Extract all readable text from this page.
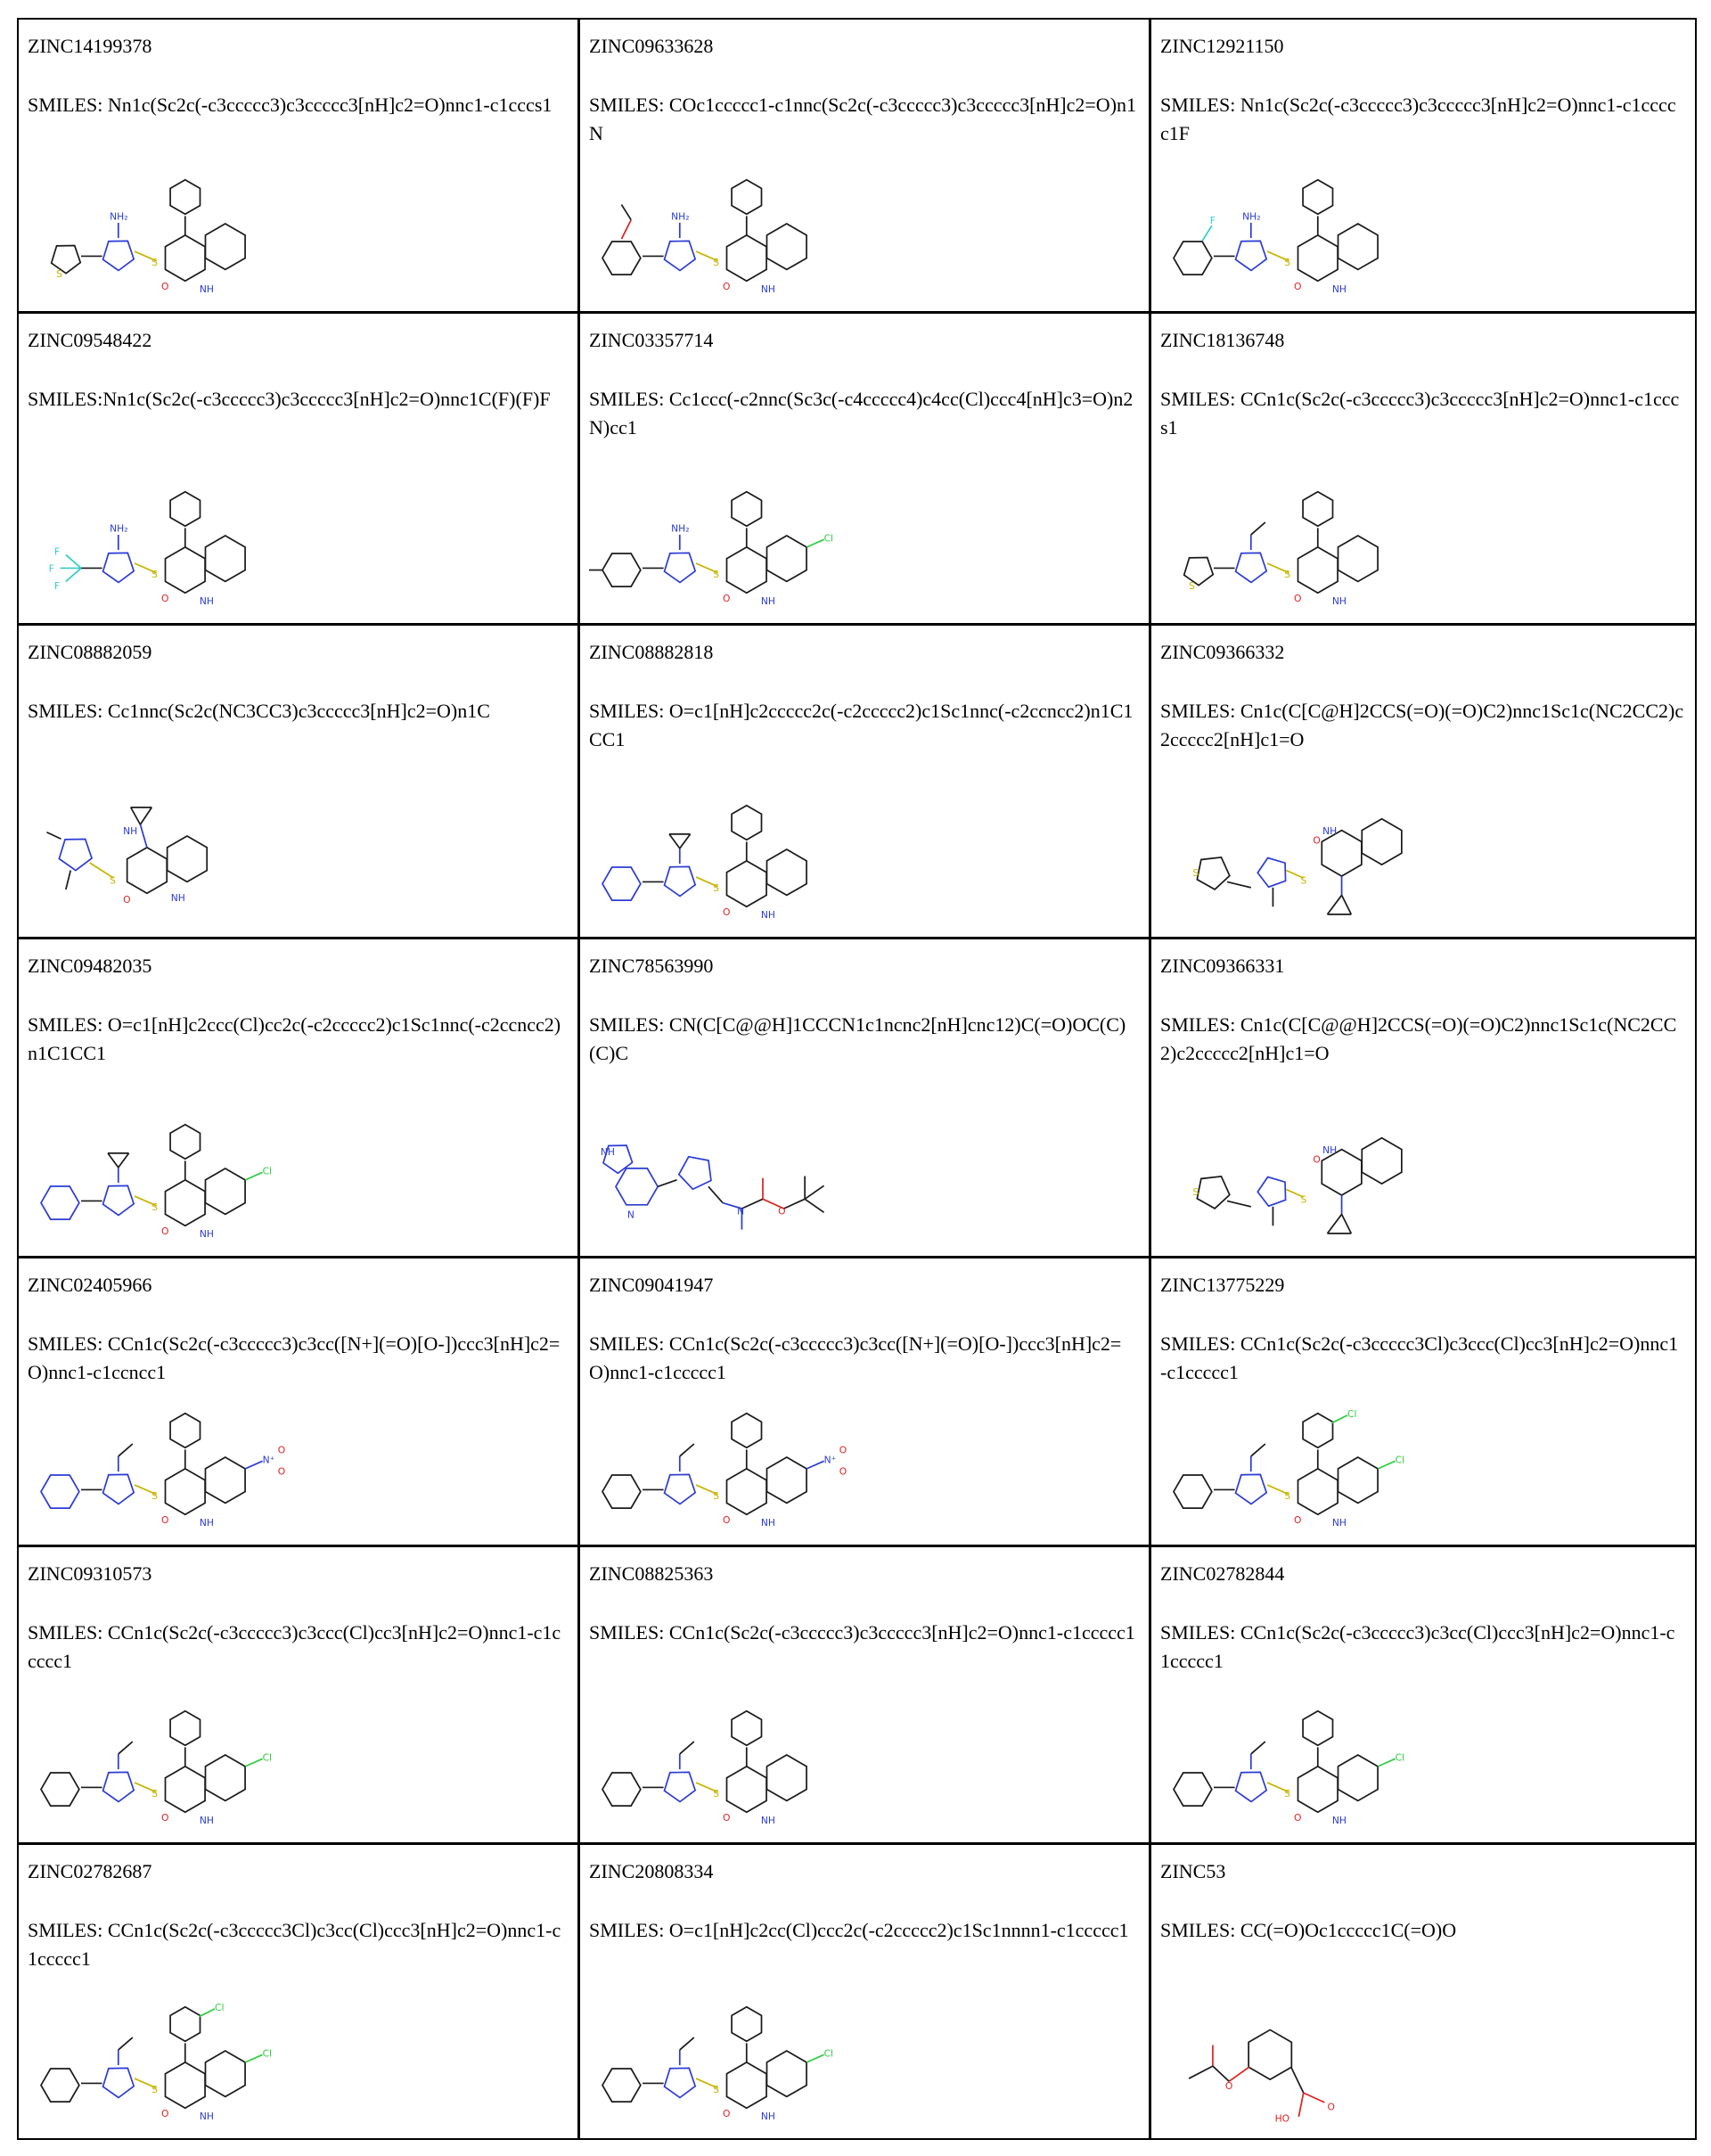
ZINC14199378
SMILES: Nn1c(Sc2c(-c3ccccc3)c3ccccc3[nH]c2=O)nnc1-c1cccs1
S
O	NH
S
NH₂
ZINC09633628
SMILES: COc1ccccc1-c1nnc(Sc2c(-c3ccccc3)c3ccccc3[nH]c2=O)n1N
S
O	NH
NH₂
ZINC12921150
SMILES: Nn1c(Sc2c(-c3ccccc3)c3ccccc3[nH]c2=O)nnc1-c1ccccc1F
S
O	NH
F	NH₂
ZINC09548422
SMILES:Nn1c(Sc2c(-c3ccccc3)c3ccccc3[nH]c2=O)nnc1C(F)(F)F
S
O	NH
F
F
F
NH₂
ZINC03357714
SMILES: Cc1ccc(-c2nnc(Sc3c(-c4ccccc4)c4cc(Cl)ccc4[nH]c3=O)n2N)cc1
S
O	NH
NH₂
Cl
ZINC18136748
SMILES: CCn1c(Sc2c(-c3ccccc3)c3ccccc3[nH]c2=O)nnc1-c1cccs1
S
O	NH
S
ZINC08882059
SMILES: Cc1nnc(Sc2c(NC3CC3)c3ccccc3[nH]c2=O)n1C
S
NH
O	NH
ZINC08882818
SMILES: O=c1[nH]c2ccccc2c(-c2ccccc2)c1Sc1nnc(-c2ccncc2)n1C1CC1
S
O	NH
ZINC09366332
SMILES: Cn1c(C[C@H]2CCS(=O)(=O)C2)nnc1Sc1c(NC2CC2)c2ccccc2[nH]c1=O
S
S
NH
O
ZINC09482035
SMILES: O=c1[nH]c2ccc(Cl)cc2c(-c2ccccc2)c1Sc1nnc(-c2ccncc2)n1C1CC1
S
O	NH
Cl
ZINC78563990
SMILES: CN(C[C@@H]1CCCN1c1ncnc2[nH]cnc12)C(=O)OC(C)(C)C
NH
N	N	O
ZINC09366331
SMILES: Cn1c(C[C@@H]2CCS(=O)(=O)C2)nnc1Sc1c(NC2CC2)c2ccccc2[nH]c1=O
S
S
NH
O
ZINC02405966
SMILES: CCn1c(Sc2c(-c3ccccc3)c3cc([N+](=O)[O-])ccc3[nH]c2=O)nnc1-c1ccncc1
S
O	NH
N⁺
O
O
ZINC09041947
SMILES: CCn1c(Sc2c(-c3ccccc3)c3cc([N+](=O)[O-])ccc3[nH]c2=O)nnc1-c1ccccc1
S
O	NH
N⁺
O
O
ZINC13775229
SMILES: CCn1c(Sc2c(-c3ccccc3Cl)c3ccc(Cl)cc3[nH]c2=O)nnc1-c1ccccc1
S
O	NH
Cl
Cl
ZINC09310573
SMILES: CCn1c(Sc2c(-c3ccccc3)c3ccc(Cl)cc3[nH]c2=O)nnc1-c1ccccc1
S
O	NH
Cl
ZINC08825363
SMILES: CCn1c(Sc2c(-c3ccccc3)c3ccccc3[nH]c2=O)nnc1-c1ccccc1
S
O	NH
ZINC02782844
SMILES: CCn1c(Sc2c(-c3ccccc3)c3cc(Cl)ccc3[nH]c2=O)nnc1-c1ccccc1
S
O	NH
Cl
ZINC02782687
SMILES: CCn1c(Sc2c(-c3ccccc3Cl)c3cc(Cl)ccc3[nH]c2=O)nnc1-c1ccccc1
S
O	NH
Cl
Cl
ZINC20808334
SMILES: O=c1[nH]c2cc(Cl)ccc2c(-c2ccccc2)c1Sc1nnnn1-c1ccccc1
S
O	NH
Cl
ZINC53
SMILES: CC(=O)Oc1ccccc1C(=O)O
O
HO
O
